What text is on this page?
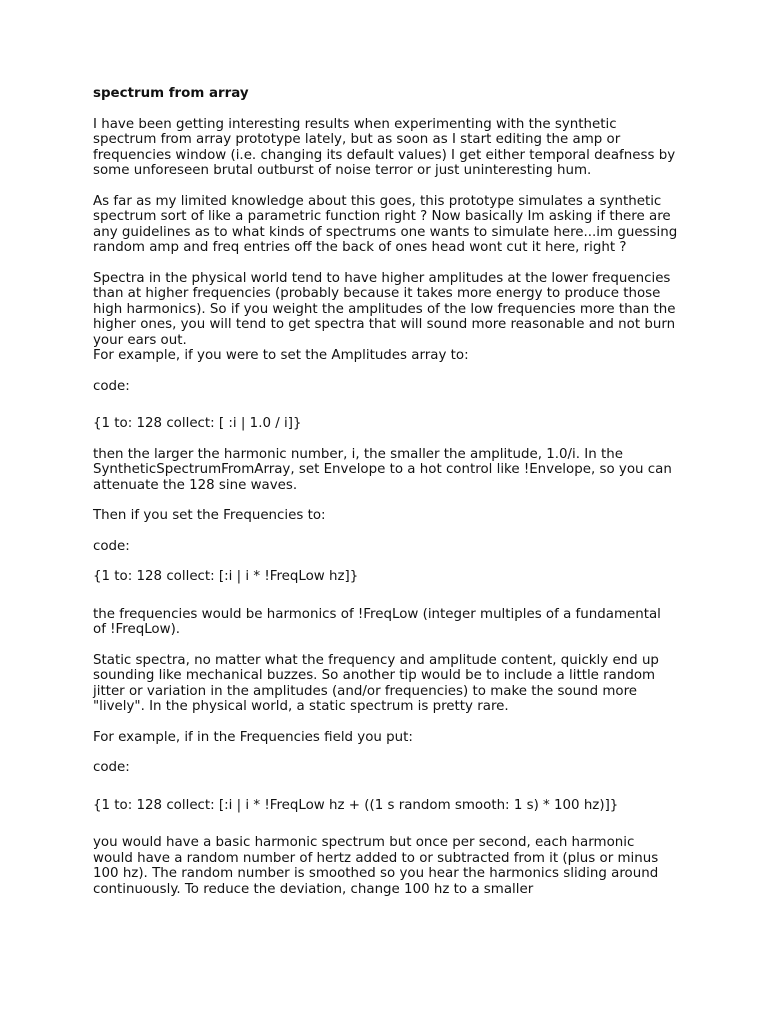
spectrum from array
I have been getting interesting results when experimenting with the synthetic spectrum from array prototype lately, but as soon as I start editing the amp or frequencies window (i.e. changing its default values) I get either temporal deafness by some unforeseen brutal outburst of noise terror or just uninteresting hum.
As far as my limited knowledge about this goes, this prototype simulates a synthetic spectrum sort of like a parametric function right ? Now basically Im asking if there are any guidelines as to what kinds of spectrums one wants to simulate here...im guessing random amp and freq entries off the back of ones head wont cut it here, right ?
Spectra in the physical world tend to have higher amplitudes at the lower frequencies than at higher frequencies (probably because it takes more energy to produce those high harmonics). So if you weight the amplitudes of the low frequencies more than the higher ones, you will tend to get spectra that will sound more reasonable and not burn your ears out.
For example, if you were to set the Amplitudes array to:
code:
{1 to: 128 collect: [ :i | 1.0 / i]}
then the larger the harmonic number, i, the smaller the amplitude, 1.0/i. In the SyntheticSpectrumFromArray, set Envelope to a hot control like !Envelope, so you can attenuate the 128 sine waves.
Then if you set the Frequencies to:
code:
{1 to: 128 collect: [:i | i * !FreqLow hz]}
the frequencies would be harmonics of !FreqLow (integer multiples of a fundamental of !FreqLow).
Static spectra, no matter what the frequency and amplitude content, quickly end up sounding like mechanical buzzes. So another tip would be to include a little random jitter or variation in the amplitudes (and/or frequencies) to make the sound more "lively". In the physical world, a static spectrum is pretty rare.
For example, if in the Frequencies field you put:
code:
{1 to: 128 collect: [:i | i * !FreqLow hz + ((1 s random smooth: 1 s) * 100 hz)]}
you would have a basic harmonic spectrum but once per second, each harmonic would have a random number of hertz added to or subtracted from it (plus or minus 100 hz). The random number is smoothed so you hear the harmonics sliding around continuously. To reduce the deviation, change 100 hz to a smaller
